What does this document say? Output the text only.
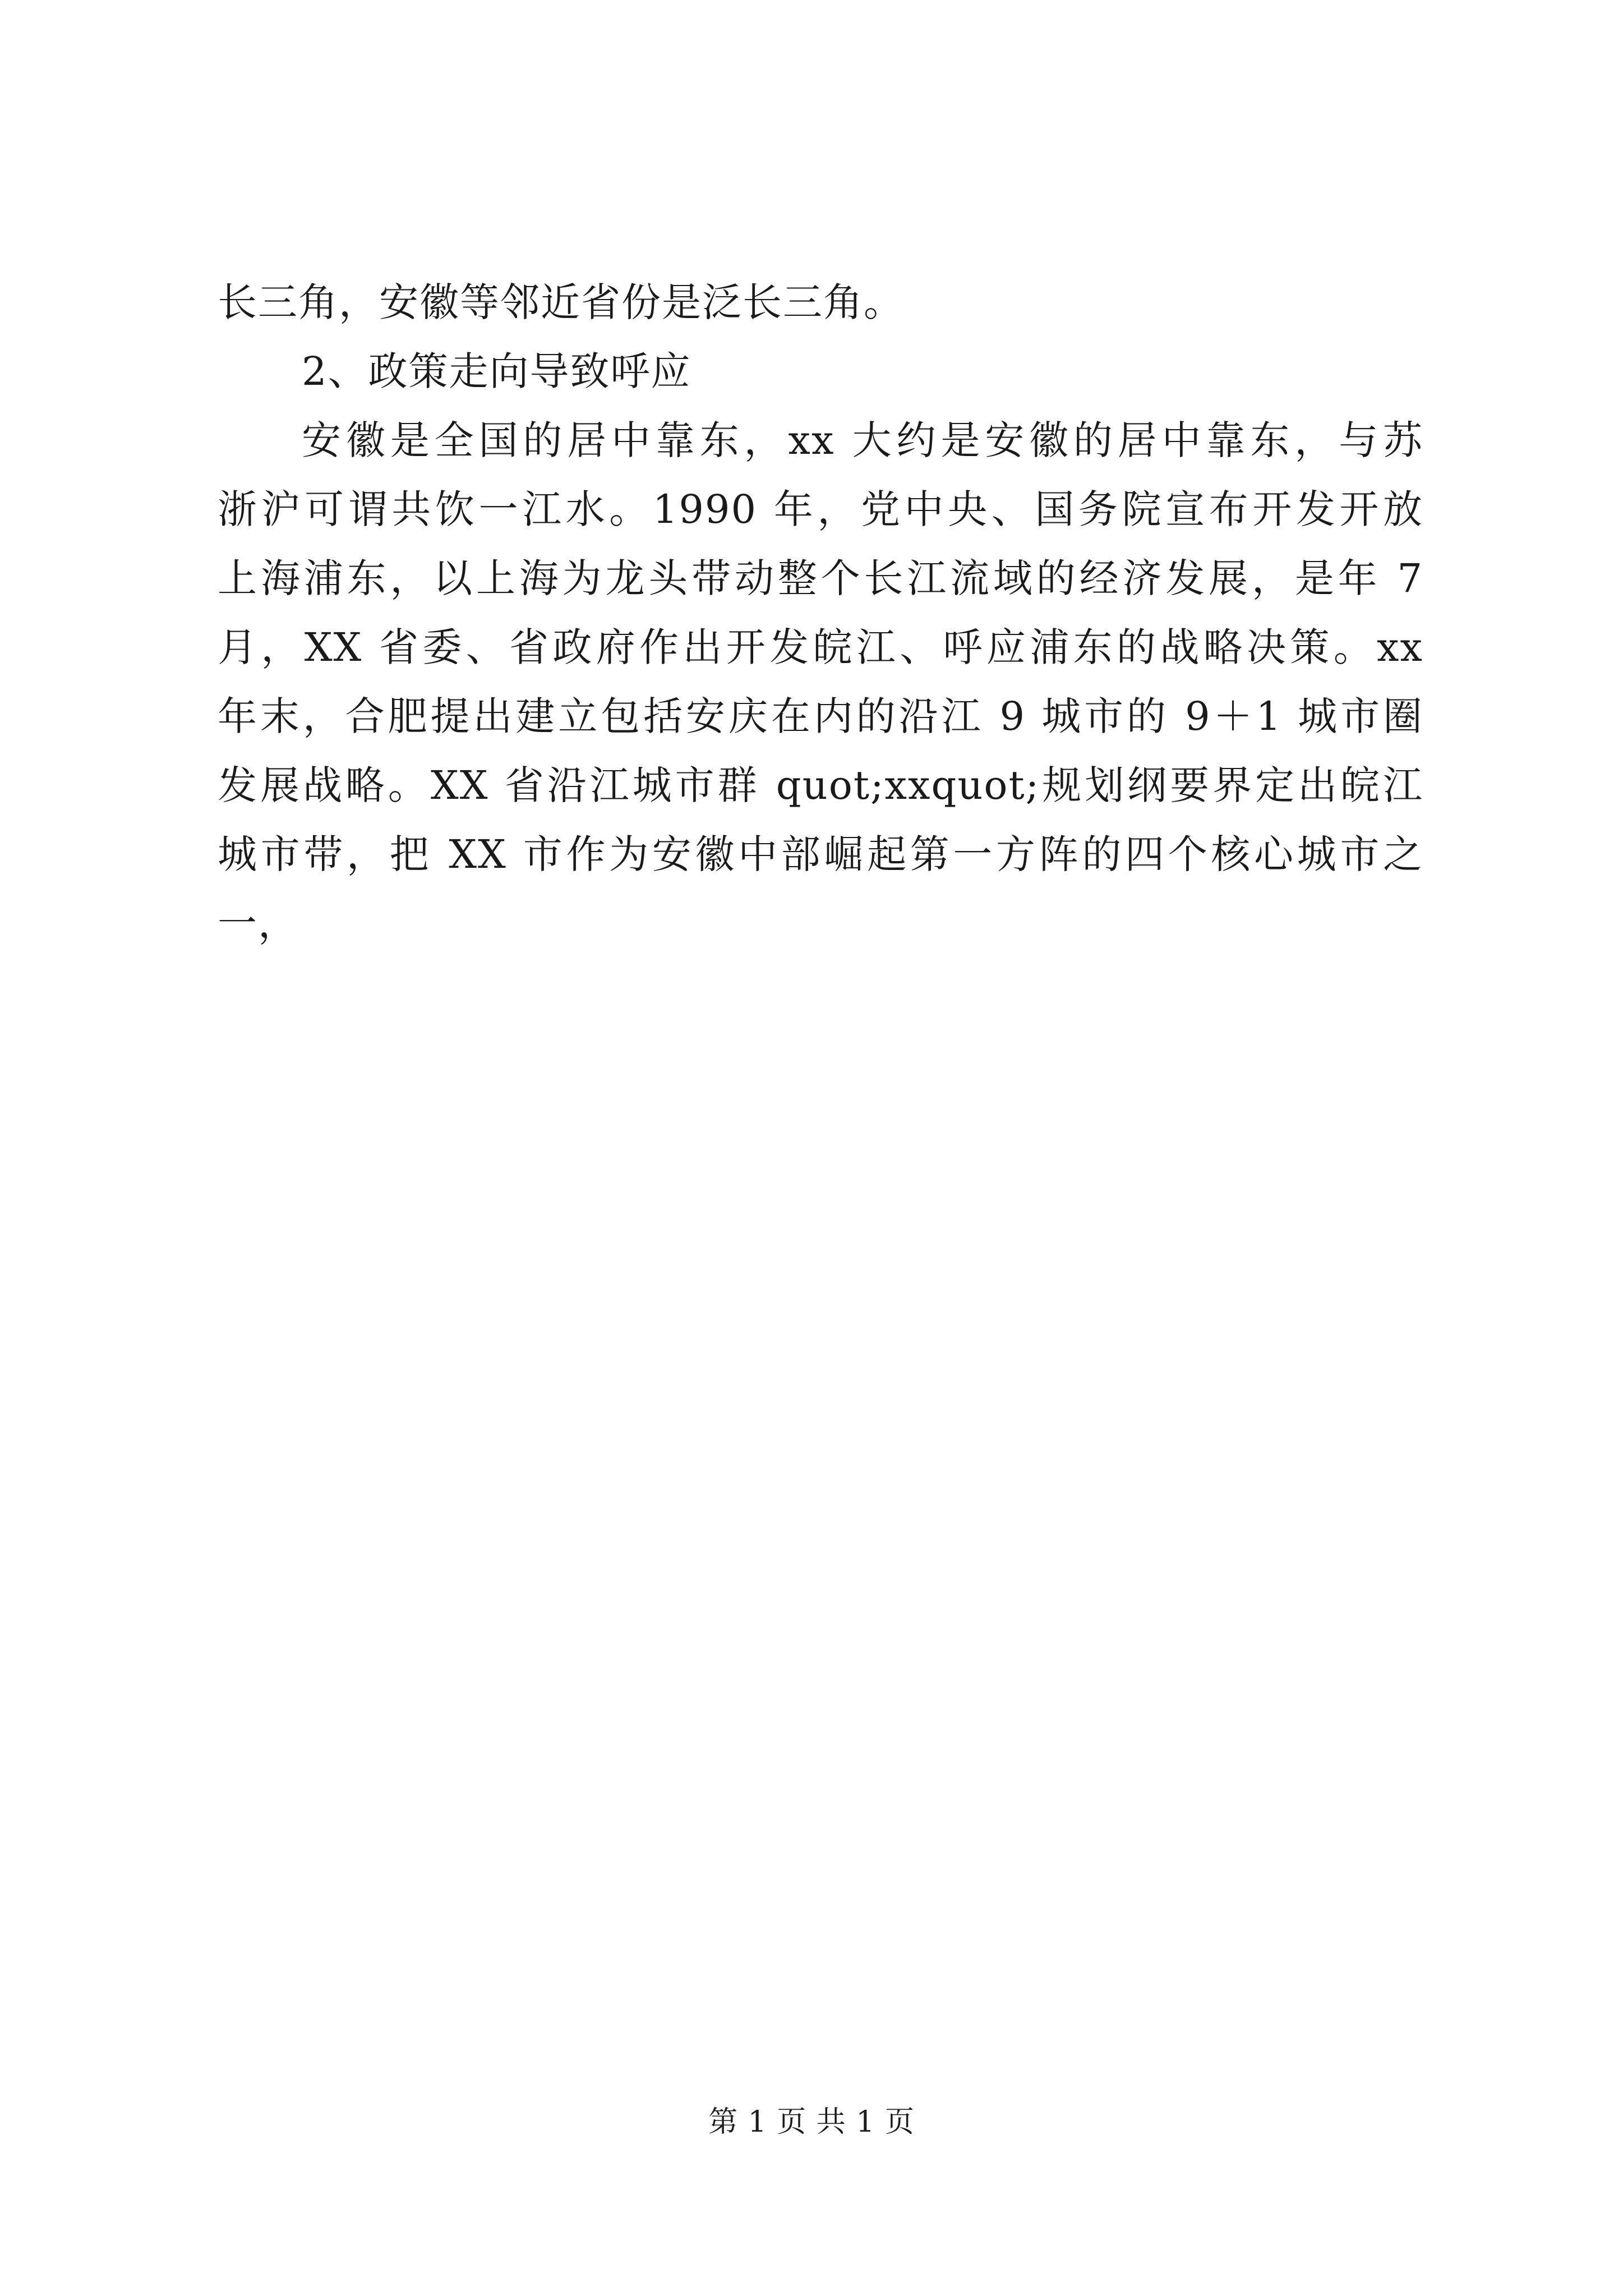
长三角，安徽等邻近省份是泛长三角。
2、政策走向导致呼应
安徽是全国的居中靠东，xx 大约是安徽的居中靠东，与苏
浙沪可谓共饮一江水。1990 年，党中央、国务院宣布开发开放
上海浦东，以上海为龙头带动整个长江流域的经济发展，是年 7
月，XX 省委、省政府作出开发皖江、呼应浦东的战略决策。xx
年末，合肥提出建立包括安庆在内的沿江 9 城市的 9＋1 城市圈
发展战略。XX 省沿江城市群 quot;xxquot;规划纲要界定出皖江
城市带，把 XX 市作为安徽中部崛起第一方阵的四个核心城市之
一，
第 1 页 共 1 页
